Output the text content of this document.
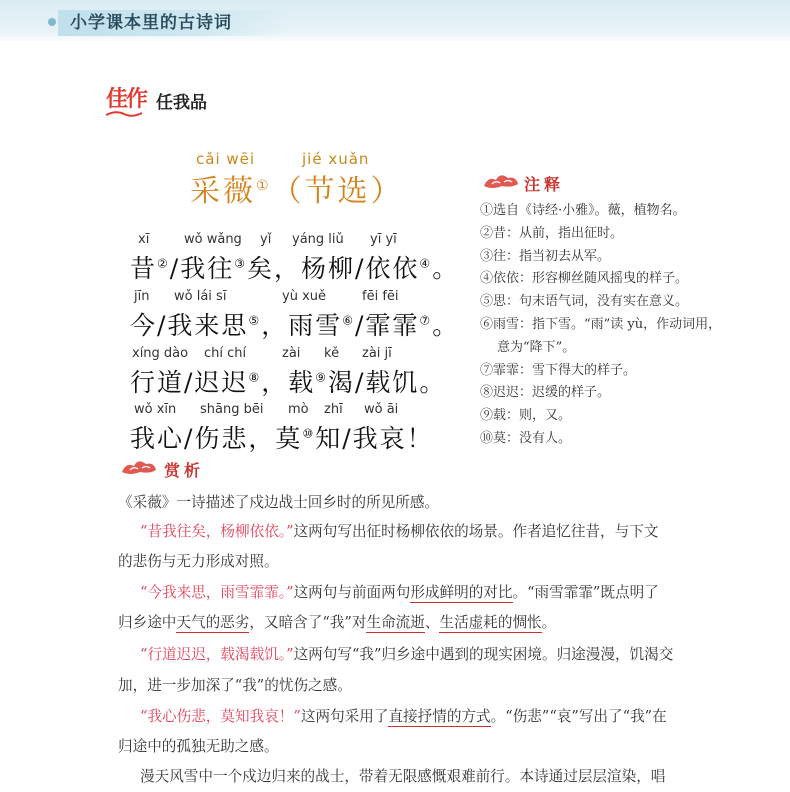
小学课本里的古诗词
佳作 任我品
cǎi wēi	jié xuǎn
采薇①（节选）
xī	wǒ wǎng yǐ yáng liǔ yī yī
昔②/我往③矣，杨柳/依依④。
jīn wǒ lái sī	yù xuě	fēi fēi
今/我来思⑤，雨雪⑥/霏霏⑦。
xíng dào chí chí	zài kě zài jī
行道/迟迟⑧，载⑨渴/载饥。
wǒ xīn shāng bēi mò zhī wǒ āi
我心/伤悲，莫⑩知/我哀！
注释
①选自《诗经·小雅》。薇，植物名。
②昔：从前，指出征时。
③往：指当初去从军。
④依依：形容柳丝随风摇曳的样子。
⑤思：句末语气词，没有实在意义。
⑥雨雪：指下雪。“雨”读 yù，作动词用，
意为“降下”。
⑦霏霏：雪下得大的样子。
⑧迟迟：迟缓的样子。
⑨载：则，又。
⑩莫：没有人。
赏析
《采薇》一诗描述了戍边战士回乡时的所见所感。
“昔我往矣，杨柳依依。”这两句写出征时杨柳依依的场景。作者追忆往昔，与下文
的悲伤与无力形成对照。
“今我来思，雨雪霏霏。”这两句与前面两句形成鲜明的对比。“雨雪霏霏”既点明了
归乡途中天气的恶劣，又暗含了“我”对生命流逝、生活虚耗的惆怅。
“行道迟迟，载渴载饥。”这两句写“我”归乡途中遇到的现实困境。归途漫漫，饥渴交
加，进一步加深了“我”的忧伤之感。
“我心伤悲，莫知我哀！”这两句采用了直接抒情的方式。“伤悲”“哀”写出了“我”在
归途中的孤独无助之感。
漫天风雪中一个戍边归来的战士，带着无限感慨艰难前行。本诗通过层层渲染，唱
